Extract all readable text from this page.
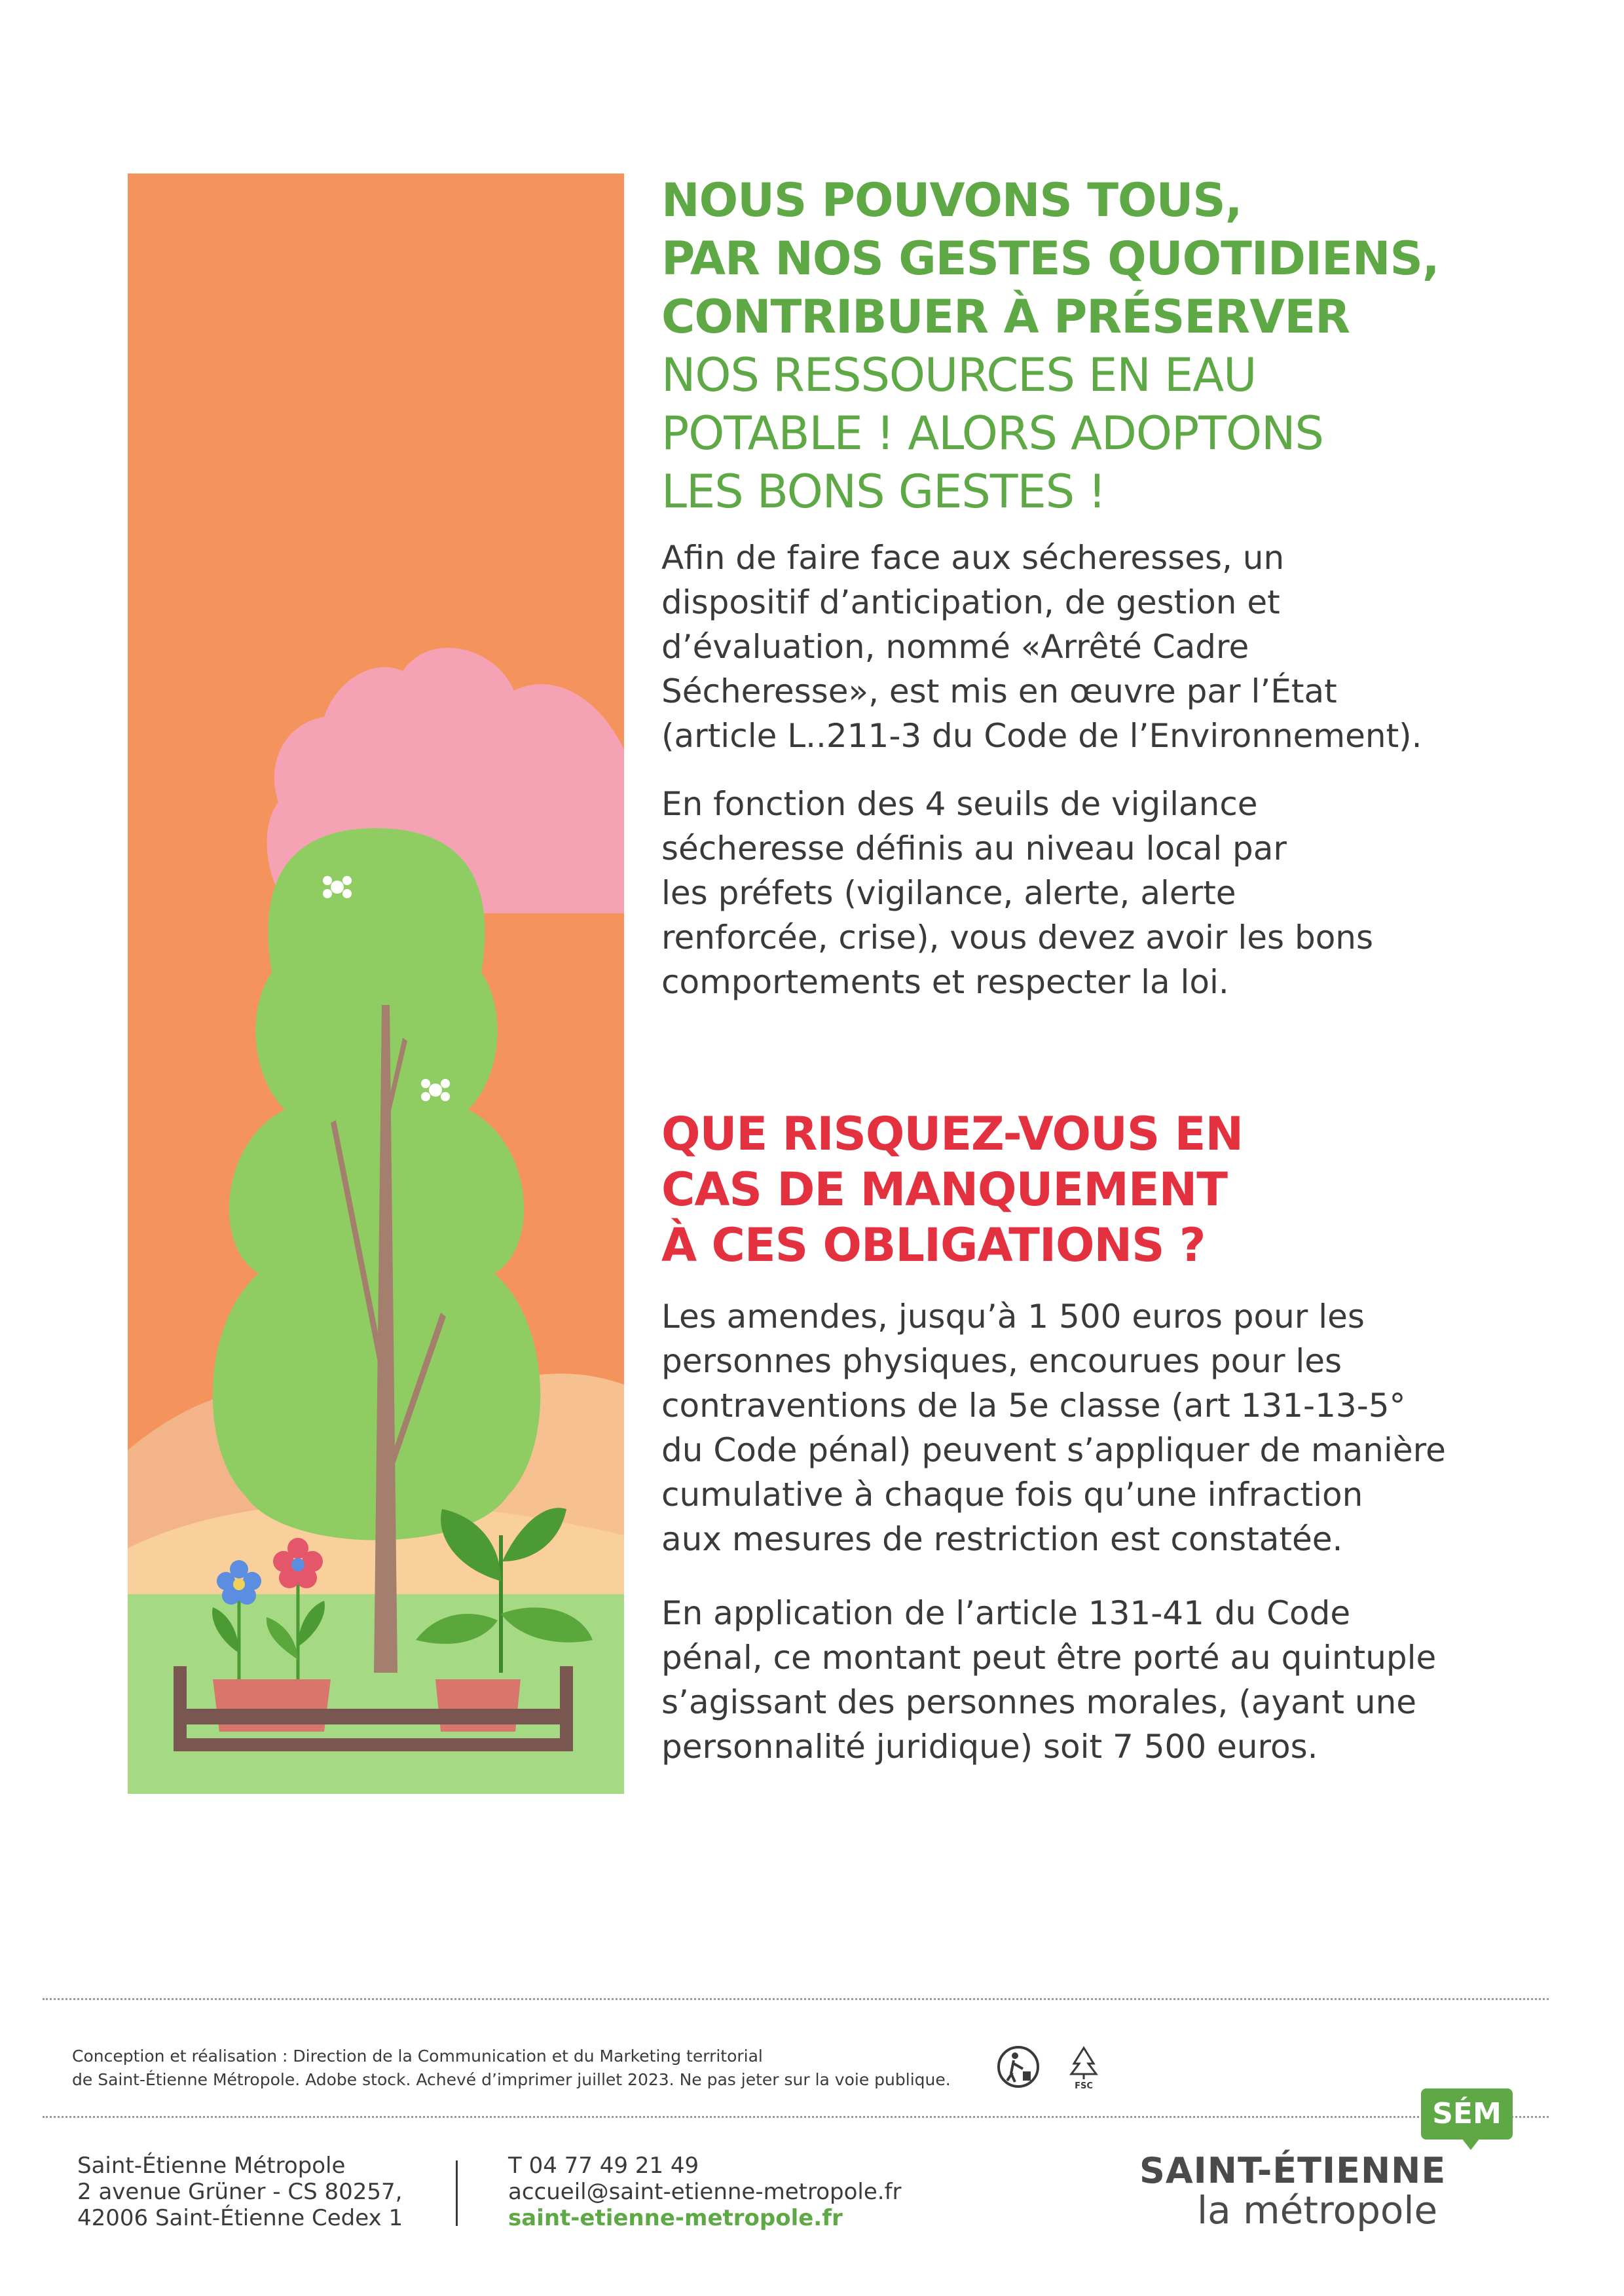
NOUS POUVONS TOUS,
PAR NOS GESTES QUOTIDIENS,
CONTRIBUER À PRÉSERVER
NOS RESSOURCES EN EAU
POTABLE ! ALORS ADOPTONS
LES BONS GESTES !

Afin de faire face aux sécheresses, un
dispositif d’anticipation, de gestion et
d’évaluation, nommé «Arrêté Cadre
Sécheresse», est mis en œuvre par l’État
(article L..211-3 du Code de l’Environnement).

En fonction des 4 seuils de vigilance
sécheresse définis au niveau local par
les préfets (vigilance, alerte, alerte
renforcée, crise), vous devez avoir les bons
comportements et respecter la loi.

QUE RISQUEZ-VOUS EN
CAS DE MANQUEMENT
À CES OBLIGATIONS ?

Les amendes, jusqu’à 1 500 euros pour les
personnes physiques, encourues pour les
contraventions de la 5e classe (art 131-13-5°
du Code pénal) peuvent s’appliquer de manière
cumulative à chaque fois qu’une infraction
aux mesures de restriction est constatée.

En application de l’article 131-41 du Code
pénal, ce montant peut être porté au quintuple
s’agissant des personnes morales, (ayant une
personnalité juridique) soit 7 500 euros.

Conception et réalisation : Direction de la Communication et du Marketing territorial
de Saint-Étienne Métropole. Adobe stock. Achevé d’imprimer juillet 2023. Ne pas jeter sur la voie publique.	FSC
Saint-Étienne Métropole
2 avenue Grüner - CS 80257,
42006 Saint-Étienne Cedex 1
T 04 77 49 21 49
accueil@saint-etienne-metropole.fr
saint-etienne-metropole.fr
SÉM
SAINT-ÉTIENNE
la métropole
